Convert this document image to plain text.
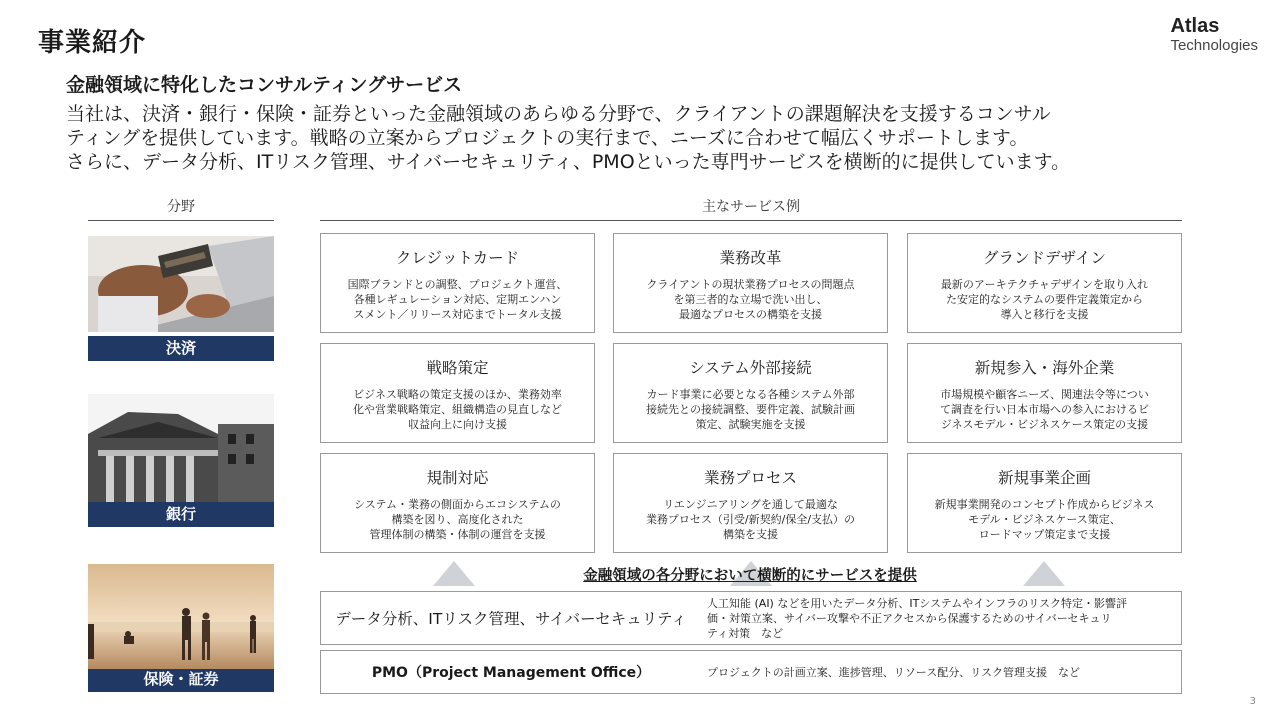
事業紹介
Atlas
Technologies
金融領域に特化したコンサルティングサービス
当社は、決済・銀行・保険・証券といった金融領域のあらゆる分野で、クライアントの課題解決を支援するコンサル
ティングを提供しています。戦略の立案からプロジェクトの実行まで、ニーズに合わせて幅広くサポートします。
さらに、データ分析、ITリスク管理、サイバーセキュリティ、PMOといった専門サービスを横断的に提供しています。
分野	主なサービス例
決済
銀行
保険・証券
クレジットカード
国際ブランドとの調整、プロジェクト運営、
各種レギュレーション対応、定期エンハン
スメント／リリース対応までトータル支援
業務改革
クライアントの現状業務プロセスの問題点
を第三者的な立場で洗い出し、
最適なプロセスの構築を支援
グランドデザイン
最新のアーキテクチャデザインを取り入れ
た安定的なシステムの要件定義策定から
導入と移行を支援
戦略策定
ビジネス戦略の策定支援のほか、業務効率
化や営業戦略策定、組織構造の見直しなど
収益向上に向け支援
システム外部接続
カード事業に必要となる各種システム外部
接続先との接続調整、要件定義、試験計画
策定、試験実施を支援
新規参入・海外企業
市場規模や顧客ニーズ、関連法令等につい
て調査を行い日本市場への参入におけるビ
ジネスモデル・ビジネスケース策定の支援
規制対応
システム・業務の側面からエコシステムの
構築を図り、高度化された
管理体制の構築・体制の運営を支援
業務プロセス
リエンジニアリングを通して最適な
業務プロセス（引受/新契約/保全/支払）の
構築を支援
新規事業企画
新規事業開発のコンセプト作成からビジネス
モデル・ビジネスケース策定、
ロードマップ策定まで支援
金融領域の各分野において横断的にサービスを提供
データ分析、ITリスク管理、サイバーセキュリティ
人工知能 (AI) などを用いたデータ分析、ITシステムやインフラのリスク特定・影響評
価・対策立案、サイバー攻撃や不正アクセスから保護するためのサイバーセキュリ
ティ対策　など
PMO（Project Management Office）	プロジェクトの計画立案、進捗管理、リソース配分、リスク管理支援　など
3
